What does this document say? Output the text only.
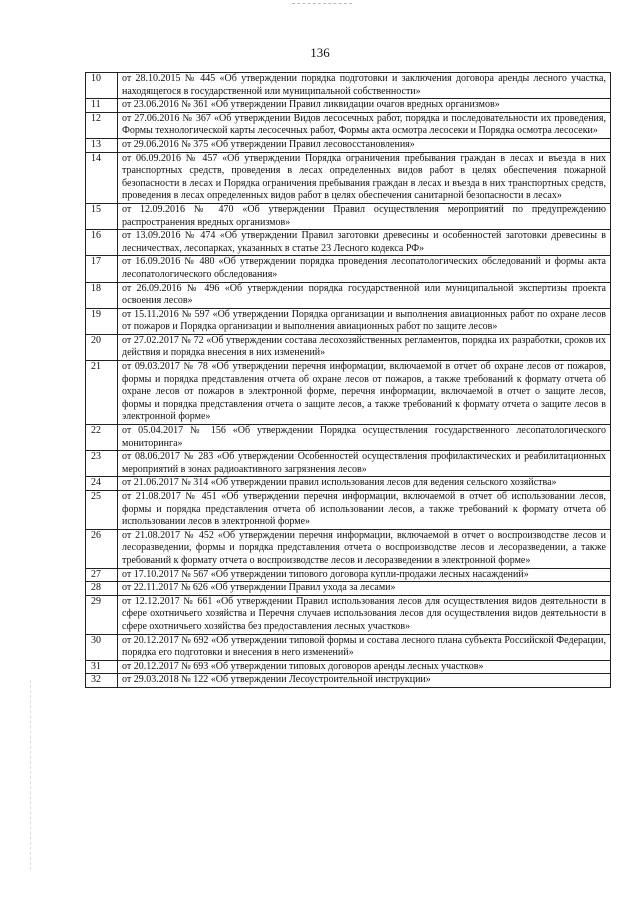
136
10	от 28.10.2015 № 445 «Об утверждении порядка подготовки и заключения договора аренды лесного участка, находящегося в государственной или муниципальной собственности»
11	от 23.06.2016 № 361 «Об утверждении Правил ликвидации очагов вредных организмов»
12	от 27.06.2016 № 367 «Об утверждении Видов лесосечных работ, порядка и последовательности их проведения, Формы технологической карты лесосечных работ, Формы акта осмотра лесосеки и Порядка осмотра лесосеки»
13	от 29.06.2016 № 375 «Об утверждении Правил лесовосстановления»
14	от 06.09.2016 № 457 «Об утверждении Порядка ограничения пребывания граждан в лесах и въезда в них транспортных средств, проведения в лесах определенных видов работ в целях обеспечения пожарной безопасности в лесах и Порядка ограничения пребывания граждан в лесах и въезда в них транспортных средств, проведения в лесах определенных видов работ в целях обеспечения санитарной безопасности в лесах»
15	от 12.09.2016 № 470 «Об утверждении Правил осуществления мероприятий по предупреждению распространения вредных организмов»
16	от 13.09.2016 № 474 «Об утверждении Правил заготовки древесины и особенностей заготовки древесины в лесничествах, лесопарках, указанных в статье 23 Лесного кодекса РФ»
17	от 16.09.2016 № 480 «Об утверждении порядка проведения лесопатологических обследований и формы акта лесопатологического обследования»
18	от 26.09.2016 № 496 «Об утверждении порядка государственной или муниципальной экспертизы проекта освоения лесов»
19	от 15.11.2016 № 597 «Об утверждении Порядка организации и выполнения авиационных работ по охране лесов от пожаров и Порядка организации и выполнения авиационных работ по защите лесов»
20	от 27.02.2017 № 72 «Об утверждении состава лесохозяйственных регламентов, порядка их разработки, сроков их действия и порядка внесения в них изменений»
21	от 09.03.2017 № 78 «Об утверждении перечня информации, включаемой в отчет об охране лесов от пожаров, формы и порядка представления отчета об охране лесов от пожаров, а также требований к формату отчета об охране лесов от пожаров в электронной форме, перечня информации, включаемой в отчет о защите лесов, формы и порядка представления отчета о защите лесов, а также требований к формату отчета о защите лесов в электронной форме»
22	от 05.04.2017 № 156 «Об утверждении Порядка осуществления государственного лесопатологического мониторинга»
23	от 08.06.2017 № 283 «Об утверждении Особенностей осуществления профилактических и реабилитационных мероприятий в зонах радиоактивного загрязнения лесов»
24	от 21.06.2017 № 314 «Об утверждении правил использования лесов для ведения сельского хозяйства»
25	от 21.08.2017 № 451 «Об утверждении перечня информации, включаемой в отчет об использовании лесов, формы и порядка представления отчета об использовании лесов, а также требований к формату отчета об использовании лесов в электронной форме»
26	от 21.08.2017 № 452 «Об утверждении перечня информации, включаемой в отчет о воспроизводстве лесов и лесоразведении, формы и порядка представления отчета о воспроизводстве лесов и лесоразведении, а также требований к формату отчета о воспроизводстве лесов и лесоразведении в электронной форме»
27	от 17.10.2017 № 567 «Об утверждении типового договора купли-продажи лесных насаждений»
28	от 22.11.2017 № 626 «Об утверждении Правил ухода за лесами»
29	от 12.12.2017 № 661 «Об утверждении Правил использования лесов для осуществления видов деятельности в сфере охотничьего хозяйства и Перечня случаев использования лесов для осуществления видов деятельности в сфере охотничьего хозяйства без предоставления лесных участков»
30	от 20.12.2017 № 692 «Об утверждении типовой формы и состава лесного плана субъекта Российской Федерации, порядка его подготовки и внесения в него изменений»
31	от 20.12.2017 № 693 «Об утверждении типовых договоров аренды лесных участков»
32	от 29.03.2018 № 122 «Об утверждении Лесоустроительной инструкции»
